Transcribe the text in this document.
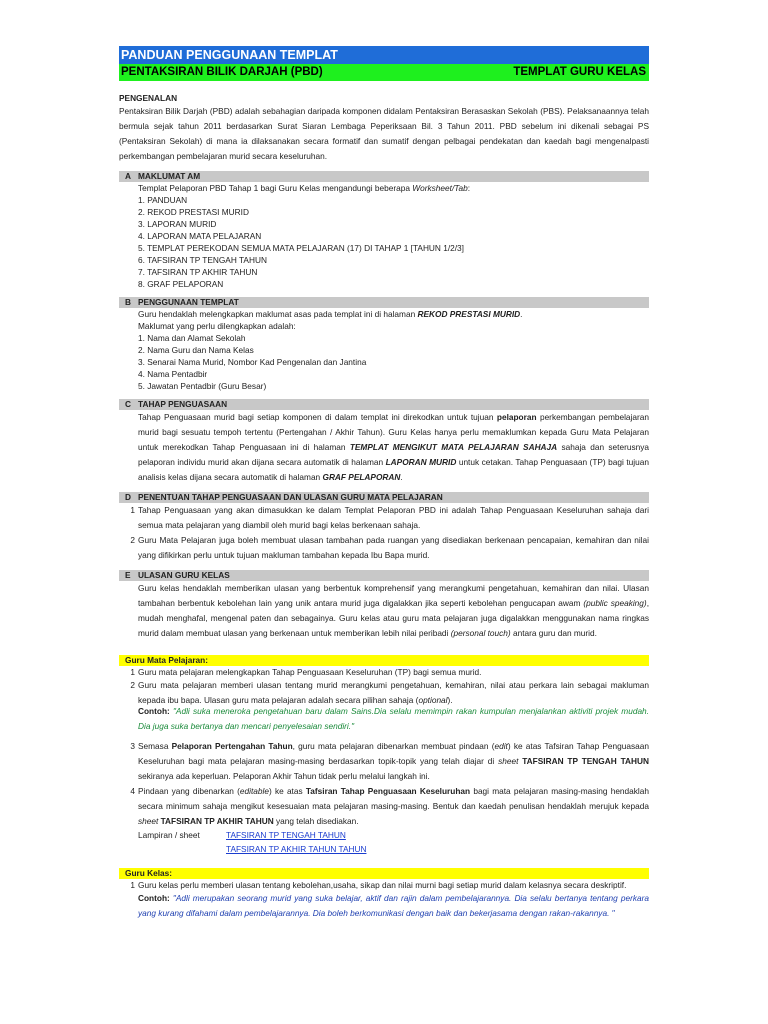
PANDUAN PENGGUNAAN TEMPLAT
PENTAKSIRAN BILIK DARJAH (PBD)	TEMPLAT GURU KELAS
PENGENALAN
Pentaksiran Bilik Darjah (PBD) adalah sebahagian daripada komponen didalam Pentaksiran Berasaskan Sekolah (PBS). Pelaksanaannya telah bermula sejak tahun 2011 berdasarkan Surat Siaran Lembaga Peperiksaan Bil. 3 Tahun 2011. PBD sebelum ini dikenali sebagai PS (Pentaksiran Sekolah) di mana ia dilaksanakan secara formatif dan sumatif dengan pelbagai pendekatan dan kaedah bagi mengenalpasti perkembangan pembelajaran murid secara keseluruhan.
A MAKLUMAT AM
Templat Pelaporan PBD Tahap 1 bagi Guru Kelas mengandungi beberapa Worksheet/Tab:
1. PANDUAN
2. REKOD PRESTASI MURID
3. LAPORAN MURID
4. LAPORAN MATA PELAJARAN
5. TEMPLAT PEREKODAN SEMUA MATA PELAJARAN (17) DI TAHAP 1 [TAHUN 1/2/3]
6. TAFSIRAN TP TENGAH TAHUN
7. TAFSIRAN TP AKHIR TAHUN
8. GRAF PELAPORAN
B PENGGUNAAN TEMPLAT
Guru hendaklah melengkapkan maklumat asas pada templat ini di halaman REKOD PRESTASI MURID.
Maklumat yang perlu dilengkapkan adalah:
1. Nama dan Alamat Sekolah
2. Nama Guru dan Nama Kelas
3. Senarai Nama Murid, Nombor Kad Pengenalan dan Jantina
4. Nama Pentadbir
5. Jawatan Pentadbir (Guru Besar)
C TAHAP PENGUASAAN
Tahap Penguasaan murid bagi setiap komponen di dalam templat ini direkodkan untuk tujuan pelaporan perkembangan pembelajaran murid bagi sesuatu tempoh tertentu (Pertengahan / Akhir Tahun). Guru Kelas hanya perlu memaklumkan kepada Guru Mata Pelajaran untuk merekodkan Tahap Penguasaan ini di halaman TEMPLAT MENGIKUT MATA PELAJARAN SAHAJA sahaja dan seterusnya pelaporan individu murid akan dijana secara automatik di halaman LAPORAN MURID untuk cetakan. Tahap Penguasaan (TP) bagi tujuan analisis kelas dijana secara automatik di halaman GRAF PELAPORAN.
D PENENTUAN TAHAP PENGUASAAN DAN ULASAN GURU MATA PELAJARAN
1 Tahap Penguasaan yang akan dimasukkan ke dalam Templat Pelaporan PBD ini adalah Tahap Penguasaan Keseluruhan sahaja dari semua mata pelajaran yang diambil oleh murid bagi kelas berkenaan sahaja.
2 Guru Mata Pelajaran juga boleh membuat ulasan tambahan pada ruangan yang disediakan berkenaan pencapaian, kemahiran dan nilai yang difikirkan perlu untuk tujuan makluman tambahan kepada Ibu Bapa murid.
E ULASAN GURU KELAS
Guru kelas hendaklah memberikan ulasan yang berbentuk komprehensif yang merangkumi pengetahuan, kemahiran dan nilai. Ulasan tambahan berbentuk kebolehan lain yang unik antara murid juga digalakkan jika seperti kebolehan pengucapan awam (public speaking), mudah menghafal, mengenal paten dan sebagainya. Guru kelas atau guru mata pelajaran juga digalakkan menggunakan nama ringkas murid dalam membuat ulasan yang berkenaan untuk memberikan lebih nilai peribadi (personal touch) antara guru dan murid.
Guru Mata Pelajaran:
1 Guru mata pelajaran melengkapkan Tahap Penguasaan Keseluruhan (TP) bagi semua murid.
2 Guru mata pelajaran memberi ulasan tentang murid merangkumi pengetahuan, kemahiran, nilai atau perkara lain sebagai makluman kepada ibu bapa. Ulasan guru mata pelajaran adalah secara pilihan sahaja (optional).
Contoh: "Adli suka meneroka pengetahuan baru dalam Sains.Dia selalu memimpin rakan kumpulan menjalankan aktiviti projek mudah. Dia juga suka bertanya dan mencari penyelesaian sendiri."
3 Semasa Pelaporan Pertengahan Tahun, guru mata pelajaran dibenarkan membuat pindaan (edit) ke atas Tafsiran Tahap Penguasaan Keseluruhan bagi mata pelajaran masing-masing berdasarkan topik-topik yang telah diajar di sheet TAFSIRAN TP TENGAH TAHUN sekiranya ada keperluan. Pelaporan Akhir Tahun tidak perlu melalui langkah ini.
4 Pindaan yang dibenarkan (editable) ke atas Tafsiran Tahap Penguasaan Keseluruhan bagi mata pelajaran masing-masing hendaklah secara minimum sahaja mengikut kesesuaian mata pelajaran masing-masing. Bentuk dan kaedah penulisan hendaklah merujuk kepada sheet TAFSIRAN TP AKHIR TAHUN yang telah disediakan.
Lampiran / sheet	TAFSIRAN TP TENGAH TAHUN
TAFSIRAN TP AKHIR TAHUN TAHUN
Guru Kelas:
1 Guru kelas perlu memberi ulasan tentang kebolehan,usaha, sikap dan nilai murni bagi setiap murid dalam kelasnya secara deskriptif.
Contoh: "Adli merupakan seorang murid yang suka belajar, aktif dan rajin dalam pembelajarannya. Dia selalu bertanya tentang perkara yang kurang difahami dalam pembelajarannya. Dia boleh berkomunikasi dengan baik dan bekerjasama dengan rakan-rakannya. "
